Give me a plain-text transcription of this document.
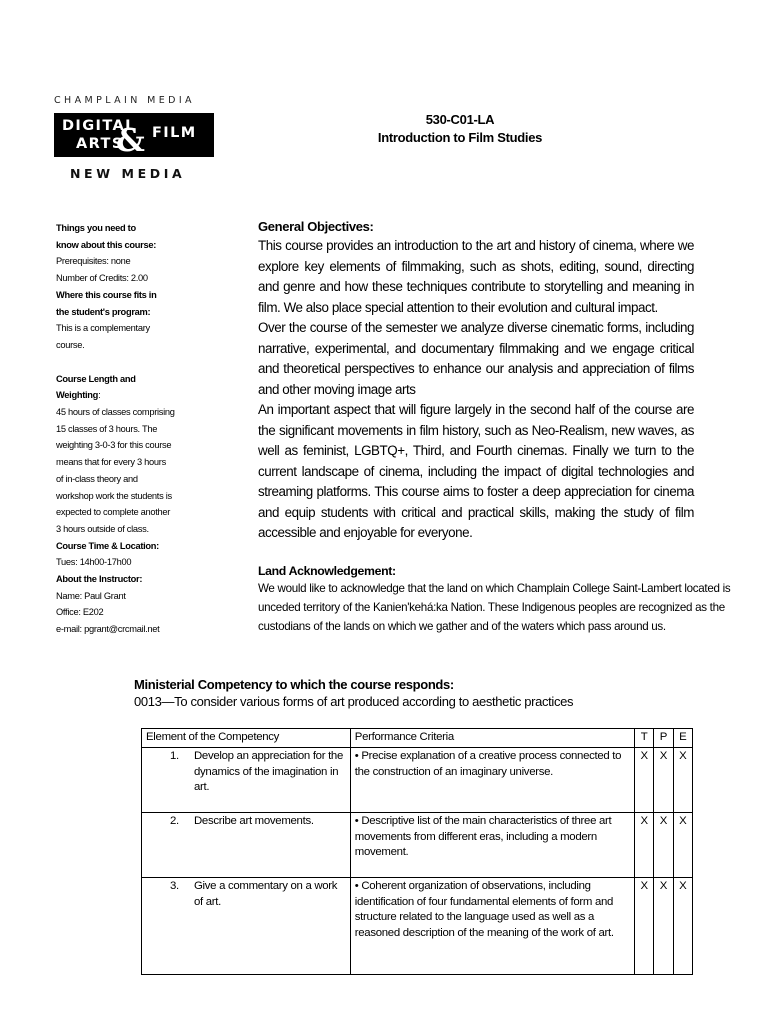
CHAMPLAIN MEDIA
DIGITAL FILM
ARTS
&
NEW MEDIA
530-C01-LA
Introduction to Film Studies
Things you need to
know about this course:
Prerequisites: none
Number of Credits: 2.00
Where this course fits in
the student's program:
This is a complementary
course.
Course Length and
Weighting:
45 hours of classes comprising
15 classes of 3 hours. The
weighting 3-0-3 for this course
means that for every 3 hours
of in-class theory and
workshop work the students is
expected to complete another
3 hours outside of class.
Course Time & Location:
Tues: 14h00-17h00
About the Instructor:
Name: Paul Grant
Office: E202
e-mail: pgrant@crcmail.net
General Objectives:

This course provides an introduction to the art and history of cinema, where we explore key elements of filmmaking, such as shots, editing, sound, directing and genre and how these techniques contribute to storytelling and meaning in film. We also place special attention to their evolution and cultural impact.

Over the course of the semester we analyze diverse cinematic forms, including narrative, experimental, and documentary filmmaking and we engage critical and theoretical perspectives to enhance our analysis and appreciation of films and other moving image arts

An important aspect that will figure largely in the second half of the course are the significant movements in film history, such as Neo-Realism, new waves, as well as feminist, LGBTQ+, Third, and Fourth cinemas. Finally we turn to the current landscape of cinema, including the impact of digital technologies and streaming platforms. This course aims to foster a deep appreciation for cinema and equip students with critical and practical skills, making the study of film accessible and enjoyable for everyone.

Land Acknowledgement:

We would like to acknowledge that the land on which Champlain College Saint-Lambert located is unceded territory of the Kanien'kehá:ka Nation. These Indigenous peoples are recognized as the custodians of the lands on which we gather and of the waters which pass around us.

Ministerial Competency to which the course responds:
0013—To consider various forms of art produced according to aesthetic practices
Element of the Competency	Performance Criteria	T	P	E

1. Develop an appreciation for the dynamics of the imagination in art.	• Precise explanation of a creative process connected to the construction of an imaginary universe.	X	X	X

2. Describe art movements.	• Descriptive list of the main characteristics of three art movements from different eras, including a modern movement.	X	X	X

3. Give a commentary on a work of art.	• Coherent organization of observations, including identification of four fundamental elements of form and structure related to the language used as well as a reasoned description of the meaning of the work of art.	X	X	X
